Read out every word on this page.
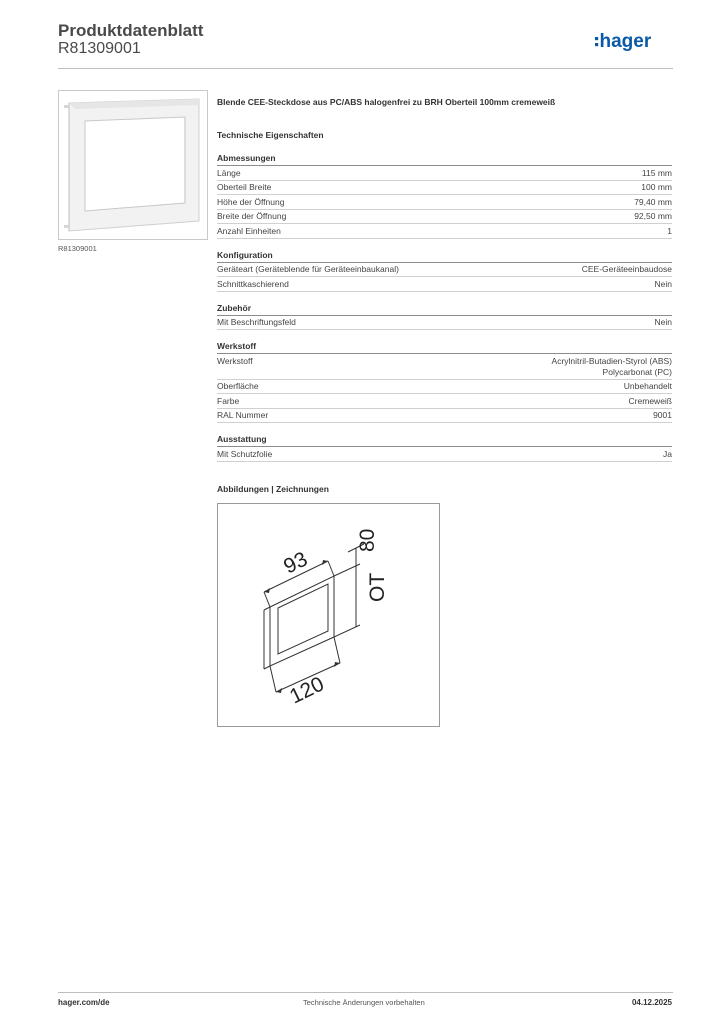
Produktdatenblatt
R81309001	hager
R81309001
Blende CEE-Steckdose aus PC/ABS halogenfrei zu BRH Oberteil 100mm cremeweiß
Technische Eigenschaften
Abmessungen
Länge	115 mm
Oberteil Breite	100 mm
Höhe der Öffnung	79,40 mm
Breite der Öffnung	92,50 mm
Anzahl Einheiten	1
Konfiguration
Geräteart (Geräteblende für Geräteeinbaukanal)	CEE-Geräteeinbaudose
Schnittkaschierend	Nein
Zubehör
Mit Beschriftungsfeld	Nein
Werkstoff
Werkstoff	Acrylnitril-Butadien-Styrol (ABS)
Polycarbonat (PC)
Oberfläche	Unbehandelt
Farbe	Cremeweiß
RAL Nummer	9001
Ausstattung
Mit Schutzfolie	Ja
Abbildungen | Zeichnungen
93
80
OT
120
hager.com/de	Technische Änderungen vorbehalten	04.12.2025
